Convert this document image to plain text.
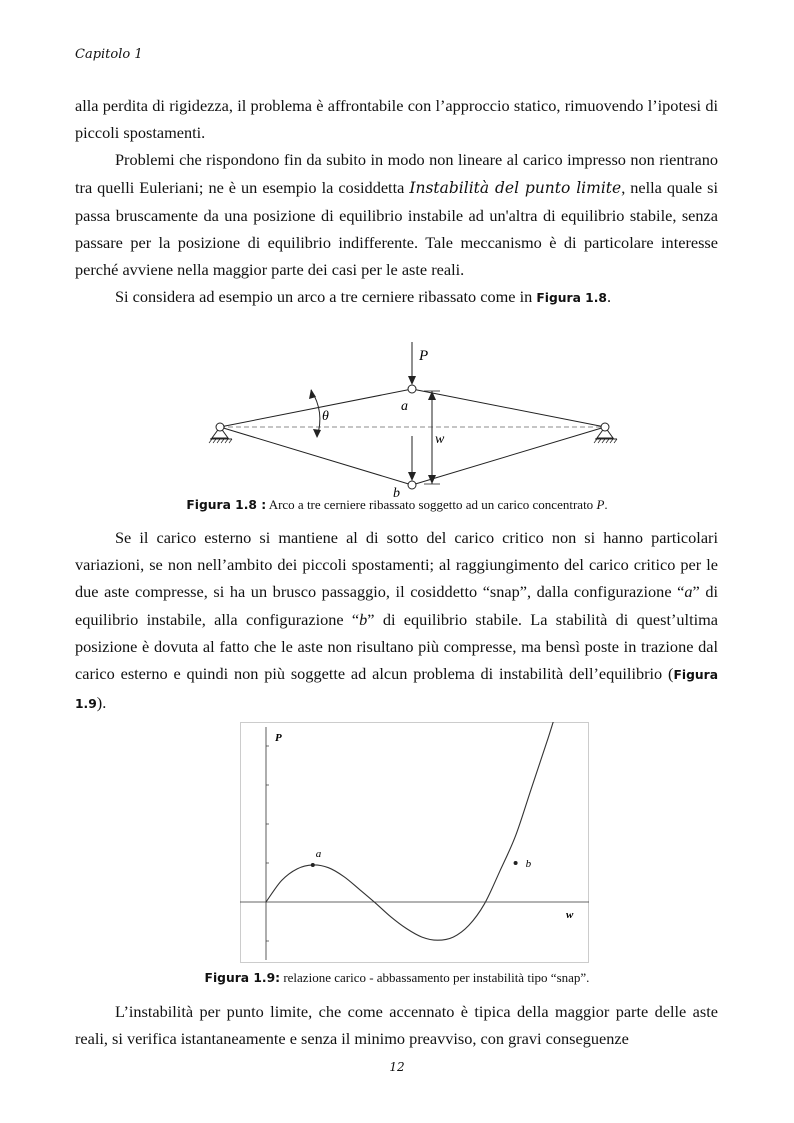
Capitolo 1

alla perdita di rigidezza, il problema è affrontabile con l’approccio statico, rimuovendo l’ipotesi di piccoli spostamenti.

Problemi che rispondono fin da subito in modo non lineare al carico impresso non rientrano tra quelli Euleriani; ne è un esempio la cosiddetta Instabilità del punto limite, nella quale si passa bruscamente da una posizione di equilibrio instabile ad un'altra di equilibrio stabile, senza passare per la posizione di equilibrio indifferente. Tale meccanismo è di particolare interesse perché avviene nella maggior parte dei casi per le aste reali.

Si considera ad esempio un arco a tre cerniere ribassato come in Figura 1.8.

P
a
b
θ
w
Figura 1.8 : Arco a tre cerniere ribassato soggetto ad un carico concentrato P.

Se il carico esterno si mantiene al di sotto del carico critico non si hanno particolari variazioni, se non nell’ambito dei piccoli spostamenti; al raggiungimento del carico critico per le due aste compresse, si ha un brusco passaggio, il cosiddetto “snap”, dalla configurazione “a” di equilibrio instabile, alla configurazione “b” di equilibrio stabile. La stabilità di quest’ultima posizione è dovuta al fatto che le aste non risultano più compresse, ma bensì poste in trazione dal carico esterno e quindi non più soggette ad alcun problema di instabilità dell’equilibrio (Figura 1.9).

a
b
P
w
Figura 1.9: relazione carico - abbassamento per instabilità tipo “snap”.

L’instabilità per punto limite, che come accennato è tipica della maggior parte delle aste reali, si verifica istantaneamente e senza il minimo preavviso, con gravi conseguenze

12
